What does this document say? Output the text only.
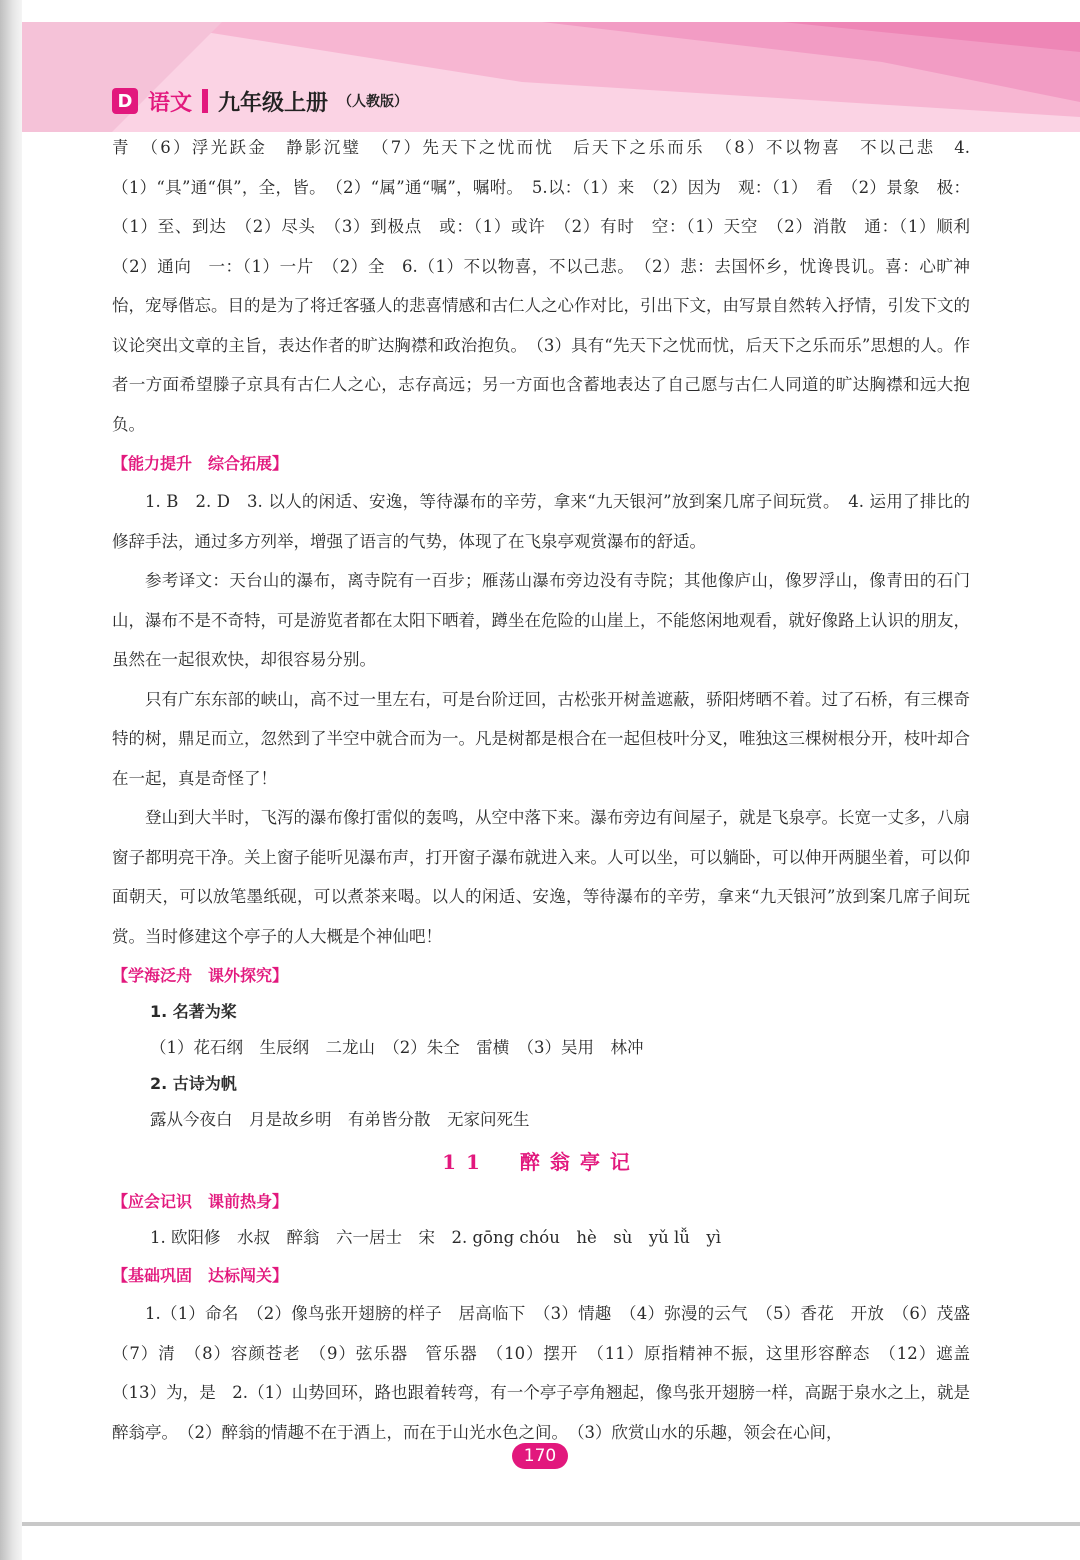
D 语文 九年级上册 （人教版）

青　（6）浮光跃金　静影沉璧　（7）先天下之忧而忧　后天下之乐而乐　（8）不以物喜　不以己悲　4.（1）“具”通“俱”，全，皆。　（2）“属”通“嘱”，嘱咐。　5.以：（1）来　（2）因为　观：（1）　看　（2）景象　极：（1）至、到达　（2）尽头　（3）到极点　或：（1）或许　（2）有时　空：（1）天空　（2）消散　通：（1）顺利　（2）通向　一：（1）一片　（2）全　6.（1）不以物喜，不以己悲。　（2）悲：去国怀乡，忧谗畏讥。喜：心旷神怡，宠辱偕忘。目的是为了将迁客骚人的悲喜情感和古仁人之心作对比，引出下文，由写景自然转入抒情，引发下文的议论突出文章的主旨，表达作者的旷达胸襟和政治抱负。　（3）具有“先天下之忧而忧，后天下之乐而乐”思想的人。作者一方面希望滕子京具有古仁人之心，志存高远；另一方面也含蓄地表达了自己愿与古仁人同道的旷达胸襟和远大抱负。

【能力提升　综合拓展】

1. B　2. D　3. 以人的闲适、安逸，等待瀑布的辛劳，拿来“九天银河”放到案几席子间玩赏。　4. 运用了排比的修辞手法，通过多方列举，增强了语言的气势，体现了在飞泉亭观赏瀑布的舒适。

参考译文：天台山的瀑布，离寺院有一百步；雁荡山瀑布旁边没有寺院；其他像庐山，像罗浮山，像青田的石门山，瀑布不是不奇特，可是游览者都在太阳下晒着，蹲坐在危险的山崖上，不能悠闲地观看，就好像路上认识的朋友，虽然在一起很欢快，却很容易分别。

只有广东东部的峡山，高不过一里左右，可是台阶迂回，古松张开树盖遮蔽，骄阳烤晒不着。过了石桥，有三棵奇特的树，鼎足而立，忽然到了半空中就合而为一。凡是树都是根合在一起但枝叶分叉，唯独这三棵树根分开，枝叶却合在一起，真是奇怪了！

登山到大半时，飞泻的瀑布像打雷似的轰鸣，从空中落下来。瀑布旁边有间屋子，就是飞泉亭。长宽一丈多，八扇窗子都明亮干净。关上窗子能听见瀑布声，打开窗子瀑布就进入来。人可以坐，可以躺卧，可以伸开两腿坐着，可以仰面朝天，可以放笔墨纸砚，可以煮茶来喝。以人的闲适、安逸，等待瀑布的辛劳，拿来“九天银河”放到案几席子间玩赏。当时修建这个亭子的人大概是个神仙吧！

【学海泛舟　课外探究】

1. 名著为桨

（1）花石纲　生辰纲　二龙山　（2）朱仝　雷横　（3）吴用　林冲

2. 古诗为帆

露从今夜白　月是故乡明　有弟皆分散　无家问死生

11　醉翁亭记

【应会记识　课前热身】

1. 欧阳修　水叔　醉翁　六一居士　宋　2. gōng chóu　hè　sù　yǔ lǚ　yì

【基础巩固　达标闯关】

1.（1）命名　（2）像鸟张开翅膀的样子　居高临下　（3）情趣　（4）弥漫的云气　（5）香花　开放　（6）茂盛　（7）清　（8）容颜苍老　（9）弦乐器　管乐器　（10）摆开　（11）原指精神不振，这里形容醉态　（12）遮盖　（13）为，是　2.（1）山势回环，路也跟着转弯，有一个亭子亭角翘起，像鸟张开翅膀一样，高踞于泉水之上，就是醉翁亭。　（2）醉翁的情趣不在于酒上，而在于山光水色之间。　（3）欣赏山水的乐趣，领会在心间，

170
